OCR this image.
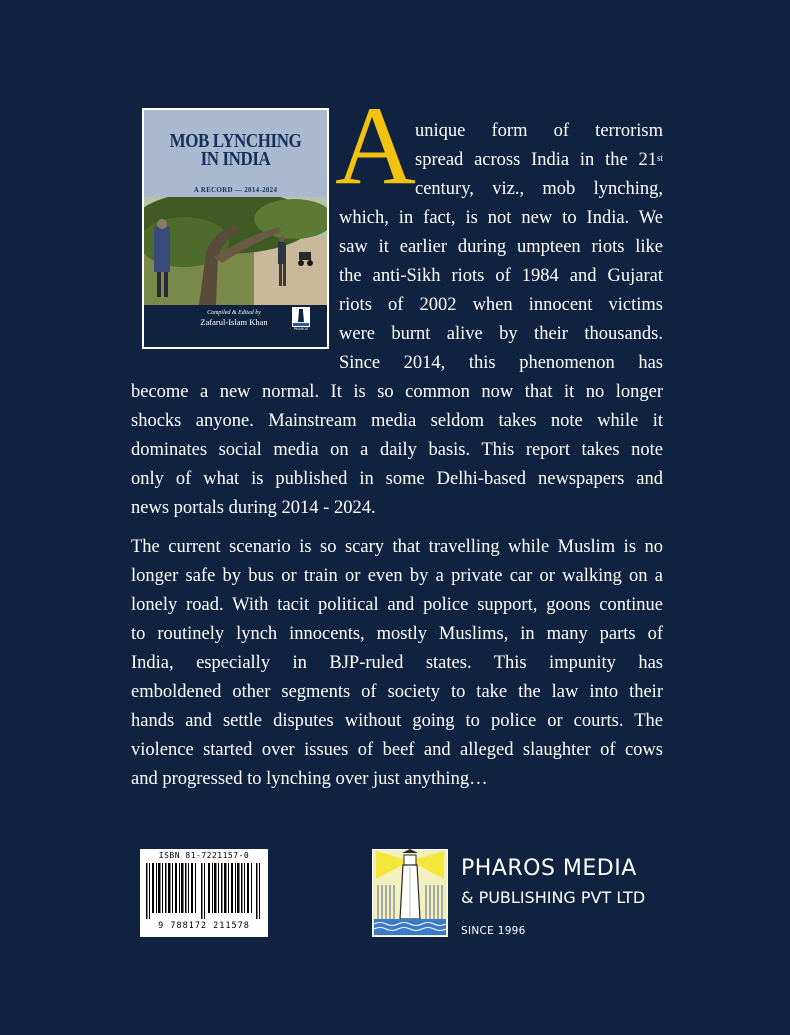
MOB LYNCHING
IN INDIA
A RECORD — 2014-2024
Compiled & Edited by
Zafarul-Islam Khan
PHAROS
A unique form of terrorism
spread across India in the 21st
century, viz., mob lynching,
which, in fact, is not new to India. We
saw it earlier during umpteen riots like
the anti-Sikh riots of 1984 and Gujarat
riots of 2002 when innocent victims
were burnt alive by their thousands.
Since 2014, this phenomenon has
become a new normal. It is so common now that it no longer
shocks anyone. Mainstream media seldom takes note while it
dominates social media on a daily basis. This report takes note
only of what is published in some Delhi-based newspapers and
news portals during 2014 - 2024.
The current scenario is so scary that travelling while Muslim is no
longer safe by bus or train or even by a private car or walking on a
lonely road. With tacit political and police support, goons continue
to routinely lynch innocents, mostly Muslims, in many parts of
India, especially in BJP-ruled states. This impunity has
emboldened other segments of society to take the law into their
hands and settle disputes without going to police or courts. The
violence started over issues of beef and alleged slaughter of cows
and progressed to lynching over just anything…
ISBN 81-7221157-0
9 788172 211578
PHAROS MEDIA
& PUBLISHING PVT LTD
SINCE 1996
